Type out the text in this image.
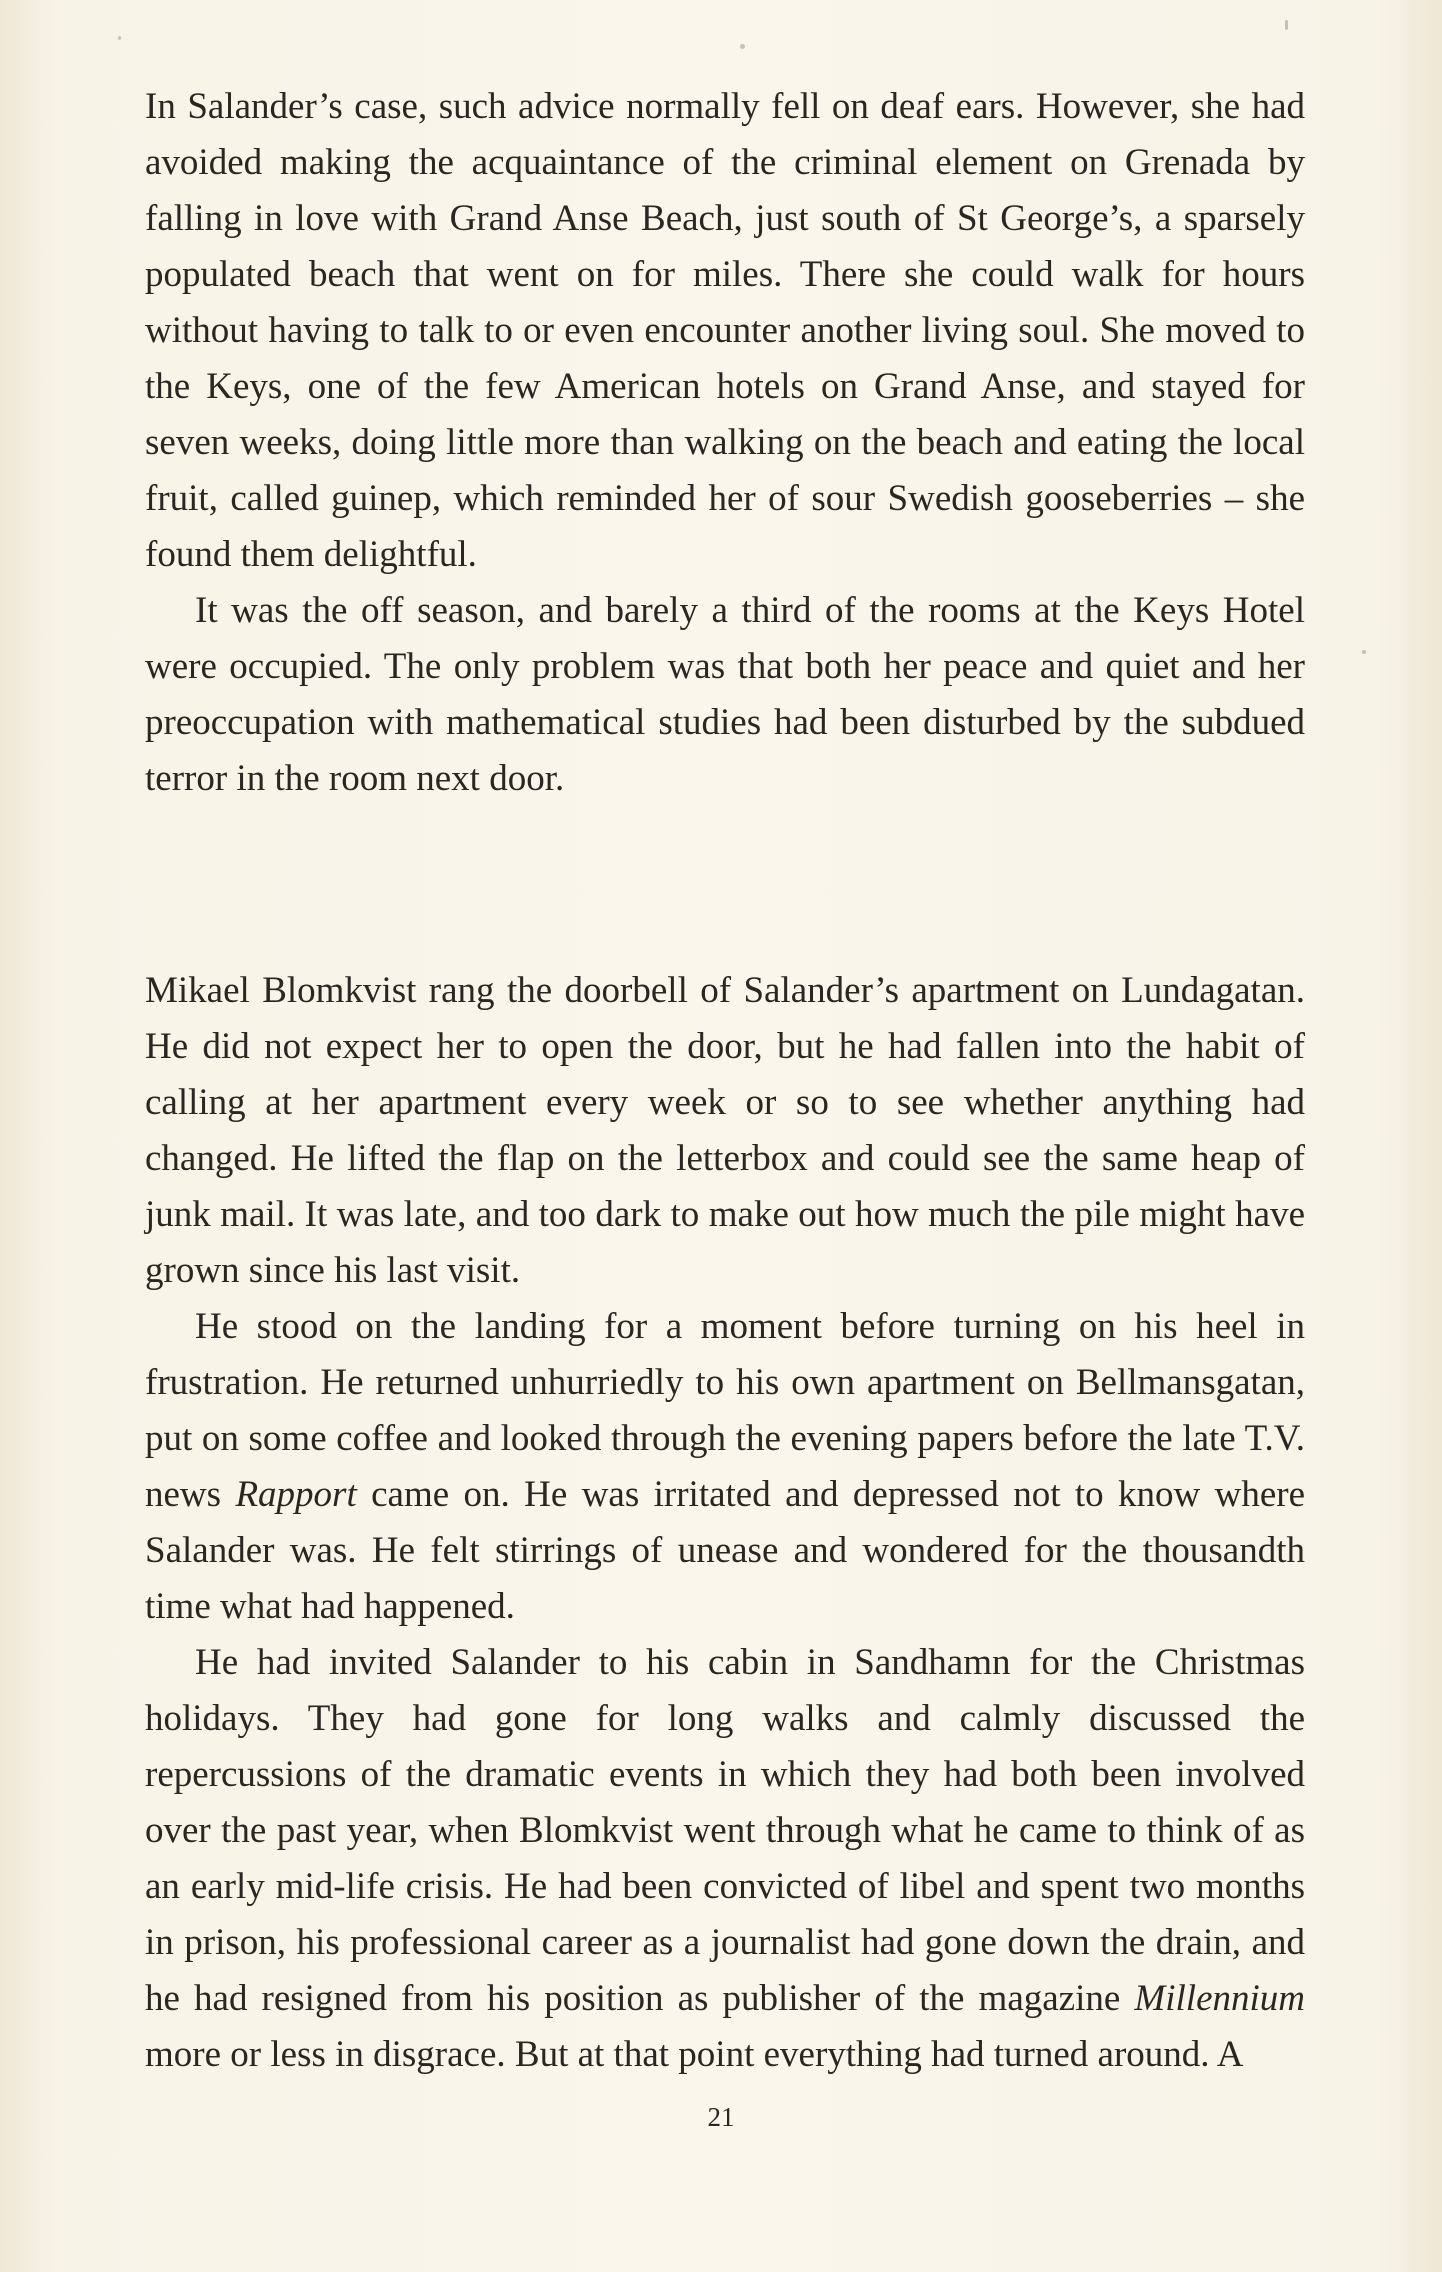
In Salander’s case, such advice normally fell on deaf ears. However, she had avoided making the acquaintance of the criminal element on Grenada by falling in love with Grand Anse Beach, just south of St George’s, a sparsely populated beach that went on for miles. There she could walk for hours without having to talk to or even encounter another living soul. She moved to the Keys, one of the few American hotels on Grand Anse, and stayed for seven weeks, doing little more than walking on the beach and eating the local fruit, called guinep, which reminded her of sour Swedish gooseberries – she found them delightful.

It was the off season, and barely a third of the rooms at the Keys Hotel were occupied. The only problem was that both her peace and quiet and her preoccupation with mathematical studies had been disturbed by the subdued terror in the room next door.

Mikael Blomkvist rang the doorbell of Salander’s apartment on Lundagatan. He did not expect her to open the door, but he had fallen into the habit of calling at her apartment every week or so to see whether anything had changed. He lifted the flap on the letterbox and could see the same heap of junk mail. It was late, and too dark to make out how much the pile might have grown since his last visit.

He stood on the landing for a moment before turning on his heel in frustration. He returned unhurriedly to his own apartment on Bellmansgatan, put on some coffee and looked through the evening papers before the late T.V. news Rapport came on. He was irritated and depressed not to know where Salander was. He felt stirrings of unease and wondered for the thousandth time what had happened.

He had invited Salander to his cabin in Sandhamn for the Christmas holidays. They had gone for long walks and calmly discussed the repercussions of the dramatic events in which they had both been involved over the past year, when Blomkvist went through what he came to think of as an early mid-life crisis. He had been convicted of libel and spent two months in prison, his professional career as a journalist had gone down the drain, and he had resigned from his position as publisher of the magazine Millennium more or less in disgrace. But at that point everything had turned around. A

21
